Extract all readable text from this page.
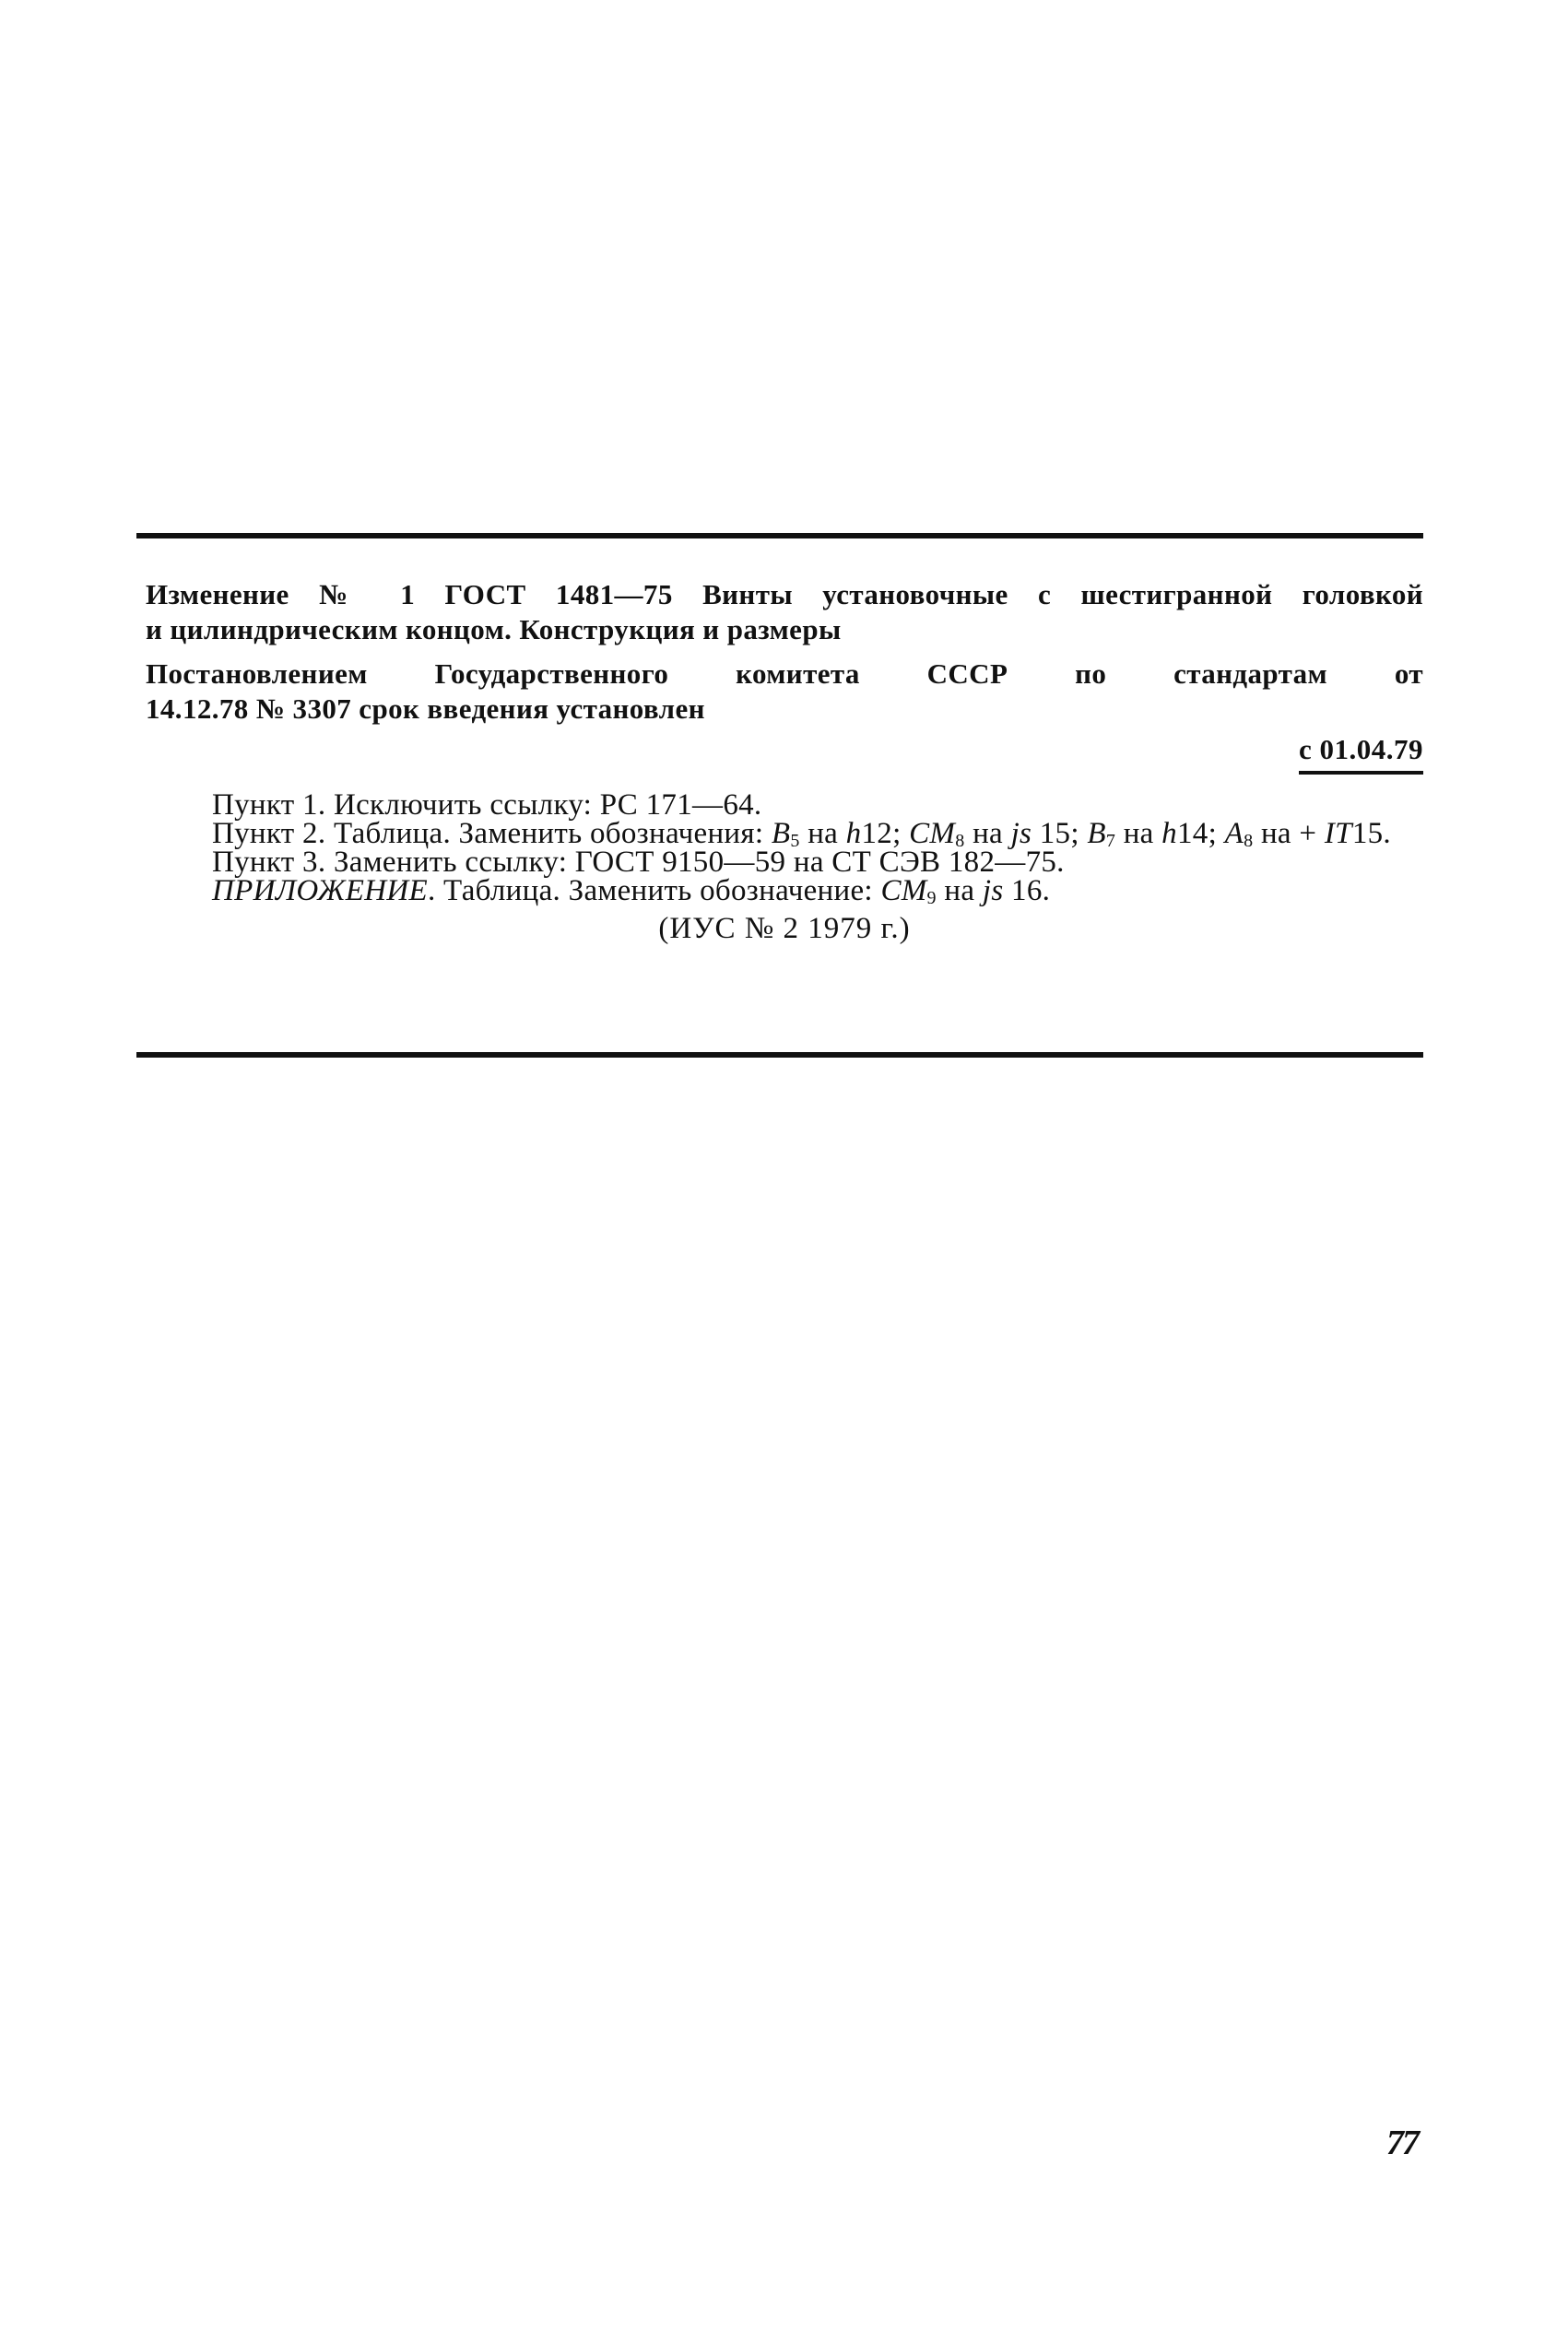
Изменение № 1 ГОСТ 1481—75 Винты установочные с шестигранной головкой
и цилиндрическим концом. Конструкция и размеры
Постановлением Государственного комитета СССР по стандартам от
14.12.78 № 3307 срок введения установлен
с 01.04.79

Пункт 1. Исключить ссылку: РС 171—64.

Пункт 2. Таблица. Заменить обозначения: $B_5$ на h12; $CM_8$ на js 15; $B_7$ на h14; $A_8$ на + IT15.

Пункт 3. Заменить ссылку: ГОСТ 9150—59 на СТ СЭВ 182—75.

ПРИЛОЖЕНИЕ. Таблица. Заменить обозначение: $CM_9$ на js 16.

(ИУС № 2 1979 г.)
77
